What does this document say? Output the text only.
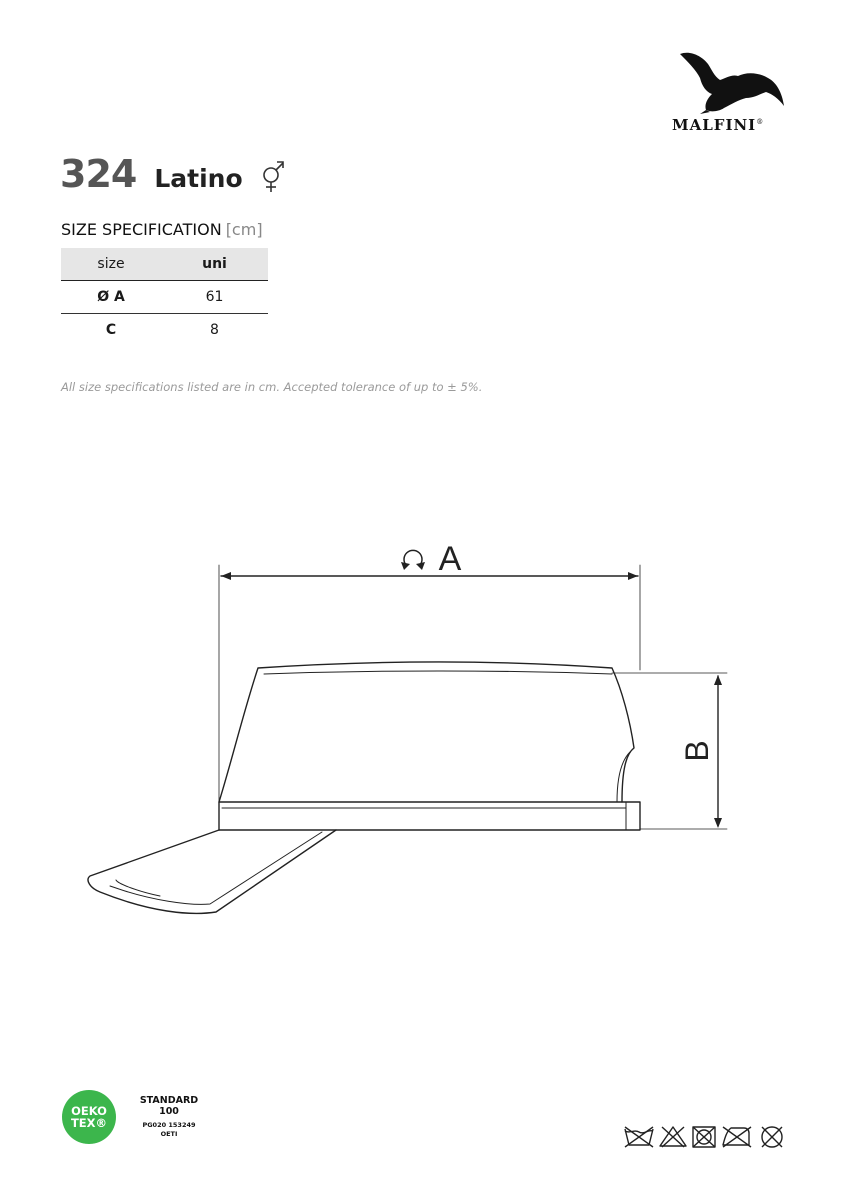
MALFINI®
324 Latino
SIZE SPECIFICATION [cm]
size	uni
Ø A	61
C	8
All size specifications listed are in cm. Accepted tolerance of up to ± 5%.
A
B
OEKO
TEX®
STANDARD
100
PG020 153249
OETI
